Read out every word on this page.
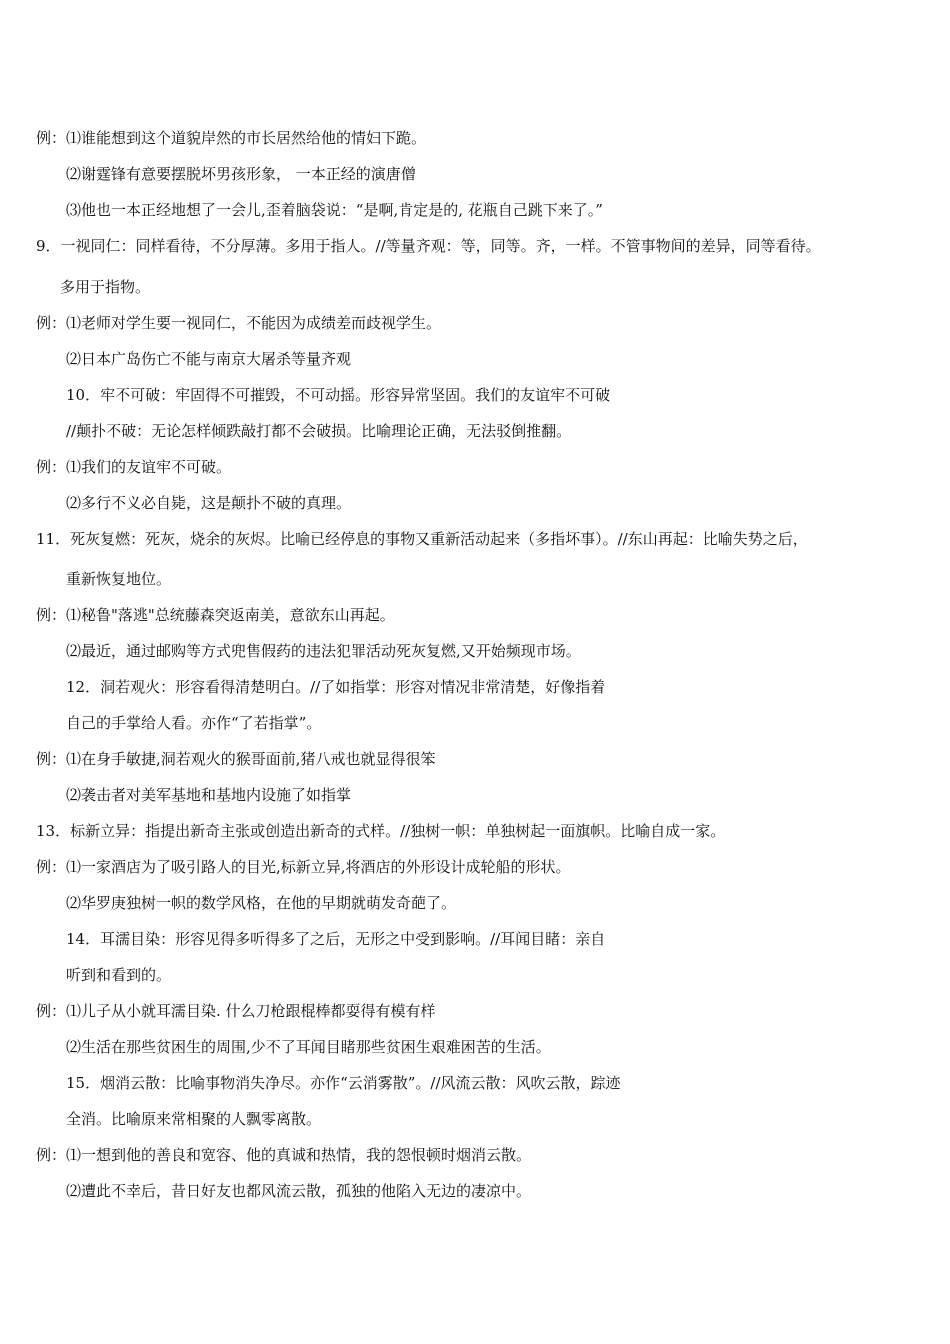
例：⑴谁能想到这个道貌岸然的市长居然给他的情妇下跪。
⑵谢霆锋有意要摆脱坏男孩形象， 一本正经的演唐僧
⑶他也一本正经地想了一会儿,歪着脑袋说：“是啊,肯定是的, 花瓶自己跳下来了。”
9．一视同仁：同样看待，不分厚薄。多用于指人。//等量齐观：等，同等。齐，一样。不管事物间的差异，同等看待。
多用于指物。
例：⑴老师对学生要一视同仁，不能因为成绩差而歧视学生。
⑵日本广岛伤亡不能与南京大屠杀等量齐观
10．牢不可破：牢固得不可摧毁，不可动摇。形容异常坚固。我们的友谊牢不可破
//颠扑不破：无论怎样倾跌敲打都不会破损。比喻理论正确，无法驳倒推翻。
例：⑴我们的友谊牢不可破。
⑵多行不义必自毙，这是颠扑不破的真理。
11．死灰复燃：死灰，烧余的灰烬。比喻已经停息的事物又重新活动起来（多指坏事）。//东山再起：比喻失势之后，
重新恢复地位。
例：⑴秘鲁"落逃"总统藤森突返南美，意欲东山再起。
⑵最近，通过邮购等方式兜售假药的违法犯罪活动死灰复燃,又开始频现市场。
12．洞若观火：形容看得清楚明白。//了如指掌：形容对情况非常清楚，好像指着
自己的手掌给人看。亦作“了若指掌”。
例：⑴在身手敏捷,洞若观火的猴哥面前,猪八戒也就显得很笨
⑵袭击者对美军基地和基地内设施了如指掌
13．标新立异：指提出新奇主张或创造出新奇的式样。//独树一帜：单独树起一面旗帜。比喻自成一家。
例：⑴一家酒店为了吸引路人的目光,标新立异,将酒店的外形设计成轮船的形状。
⑵华罗庚独树一帜的数学风格，在他的早期就萌发奇葩了。
14．耳濡目染：形容见得多听得多了之后，无形之中受到影响。//耳闻目睹：亲自
听到和看到的。
例：⑴儿子从小就耳濡目染. 什么刀枪跟棍棒都耍得有模有样
⑵生活在那些贫困生的周围,少不了耳闻目睹那些贫困生艰难困苦的生活。
15．烟消云散：比喻事物消失净尽。亦作“云消雾散”。//风流云散：风吹云散，踪迹
全消。比喻原来常相聚的人飘零离散。
例：⑴一想到他的善良和宽容、他的真诚和热情，我的怨恨顿时烟消云散。
⑵遭此不幸后，昔日好友也都风流云散，孤独的他陷入无边的凄凉中。
